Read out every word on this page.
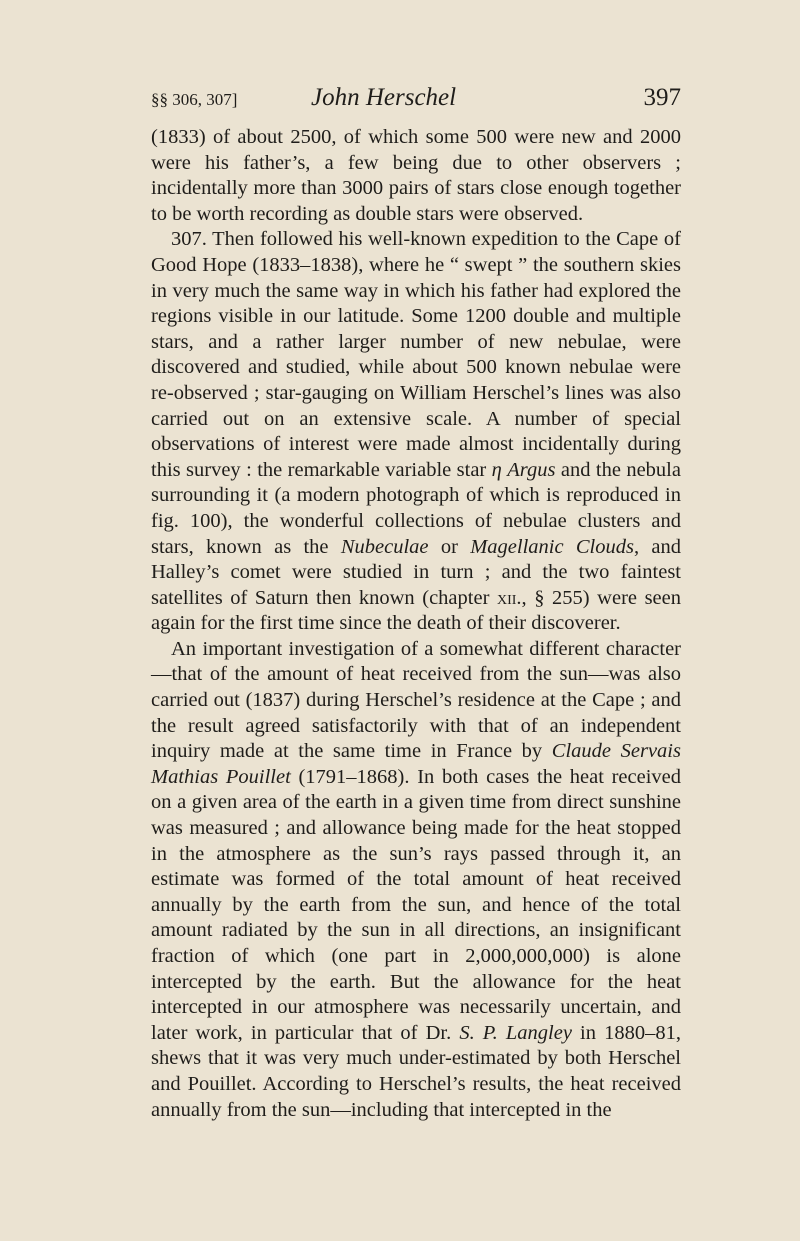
§§ 306, 307]	John Herschel	397

(1833) of about 2500, of which some 500 were new and 2000 were his father’s, a few being due to other observers ; incidentally more than 3000 pairs of stars close enough together to be worth recording as double stars were observed.

307. Then followed his well-known expedition to the Cape of Good Hope (1833–1838), where he “ swept ” the southern skies in very much the same way in which his father had explored the regions visible in our latitude. Some 1200 double and multiple stars, and a rather larger number of new nebulae, were discovered and studied, while about 500 known nebulae were re-observed ; star-gauging on William Herschel’s lines was also carried out on an extensive scale. A number of special observations of interest were made almost incidentally during this survey : the remarkable variable star η Argus and the nebula surrounding it (a modern photograph of which is reproduced in fig. 100), the wonderful collections of nebulae clusters and stars, known as the Nubeculae or Magellanic Clouds, and Halley’s comet were studied in turn ; and the two faintest satellites of Saturn then known (chapter xii., § 255) were seen again for the first time since the death of their discoverer.

An important investigation of a somewhat different character—that of the amount of heat received from the sun—was also carried out (1837) during Herschel’s residence at the Cape ; and the result agreed satisfactorily with that of an independent inquiry made at the same time in France by Claude Servais Mathias Pouillet (1791–1868). In both cases the heat received on a given area of the earth in a given time from direct sunshine was measured ; and allowance being made for the heat stopped in the atmosphere as the sun’s rays passed through it, an estimate was formed of the total amount of heat received annually by the earth from the sun, and hence of the total amount radiated by the sun in all directions, an insignificant fraction of which (one part in 2,000,000,000) is alone intercepted by the earth. But the allowance for the heat intercepted in our atmosphere was necessarily uncertain, and later work, in particular that of Dr. S. P. Langley in 1880–81, shews that it was very much under-estimated by both Herschel and Pouillet. According to Herschel’s results, the heat received annually from the sun—including that intercepted in the
